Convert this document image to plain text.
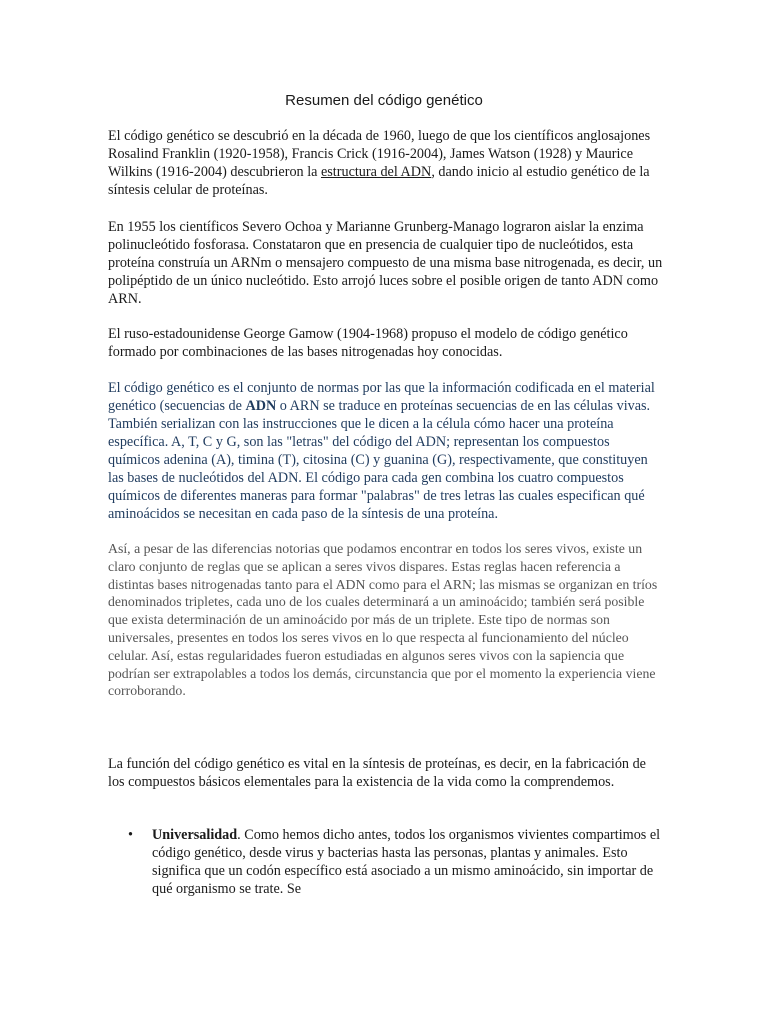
Resumen del código genético
El código genético se descubrió en la década de 1960, luego de que los científicos anglosajones Rosalind Franklin (1920-1958), Francis Crick (1916-2004), James Watson (1928) y Maurice Wilkins (1916-2004) descubrieron la estructura del ADN, dando inicio al estudio genético de la síntesis celular de proteínas.
En 1955 los científicos Severo Ochoa y Marianne Grunberg-Manago lograron aislar la enzima polinucleótido fosforasa. Constataron que en presencia de cualquier tipo de nucleótidos, esta proteína construía un ARNm o mensajero compuesto de una misma base nitrogenada, es decir, un polipéptido de un único nucleótido. Esto arrojó luces sobre el posible origen de tanto ADN como ARN.
El ruso-estadounidense George Gamow (1904-1968) propuso el modelo de código genético formado por combinaciones de las bases nitrogenadas hoy conocidas.
El código genético es el conjunto de normas por las que la información codificada en el material genético (secuencias de ADN o ARN se traduce en proteínas secuencias de en las células vivas. También serializan con las instrucciones que le dicen a la célula cómo hacer una proteína específica. A, T, C y G, son las "letras" del código del ADN; representan los compuestos químicos adenina (A), timina (T), citosina (C) y guanina (G), respectivamente, que constituyen las bases de nucleótidos del ADN. El código para cada gen combina los cuatro compuestos químicos de diferentes maneras para formar "palabras" de tres letras las cuales especifican qué aminoácidos se necesitan en cada paso de la síntesis de una proteína.
Así, a pesar de las diferencias notorias que podamos encontrar en todos los seres vivos, existe un claro conjunto de reglas que se aplican a seres vivos dispares. Estas reglas hacen referencia a distintas bases nitrogenadas tanto para el ADN como para el ARN; las mismas se organizan en tríos denominados tripletes, cada uno de los cuales determinará a un aminoácido; también será posible que exista determinación de un aminoácido por más de un triplete. Este tipo de normas son universales, presentes en todos los seres vivos en lo que respecta al funcionamiento del núcleo celular. Así, estas regularidades fueron estudiadas en algunos seres vivos con la sapiencia que podrían ser extrapolables a todos los demás, circunstancia que por el momento la experiencia viene corroborando.
La función del código genético es vital en la síntesis de proteínas, es decir, en la fabricación de los compuestos básicos elementales para la existencia de la vida como la comprendemos.
• Universalidad. Como hemos dicho antes, todos los organismos vivientes compartimos el código genético, desde virus y bacterias hasta las personas, plantas y animales. Esto significa que un codón específico está asociado a un mismo aminoácido, sin importar de qué organismo se trate. Se
